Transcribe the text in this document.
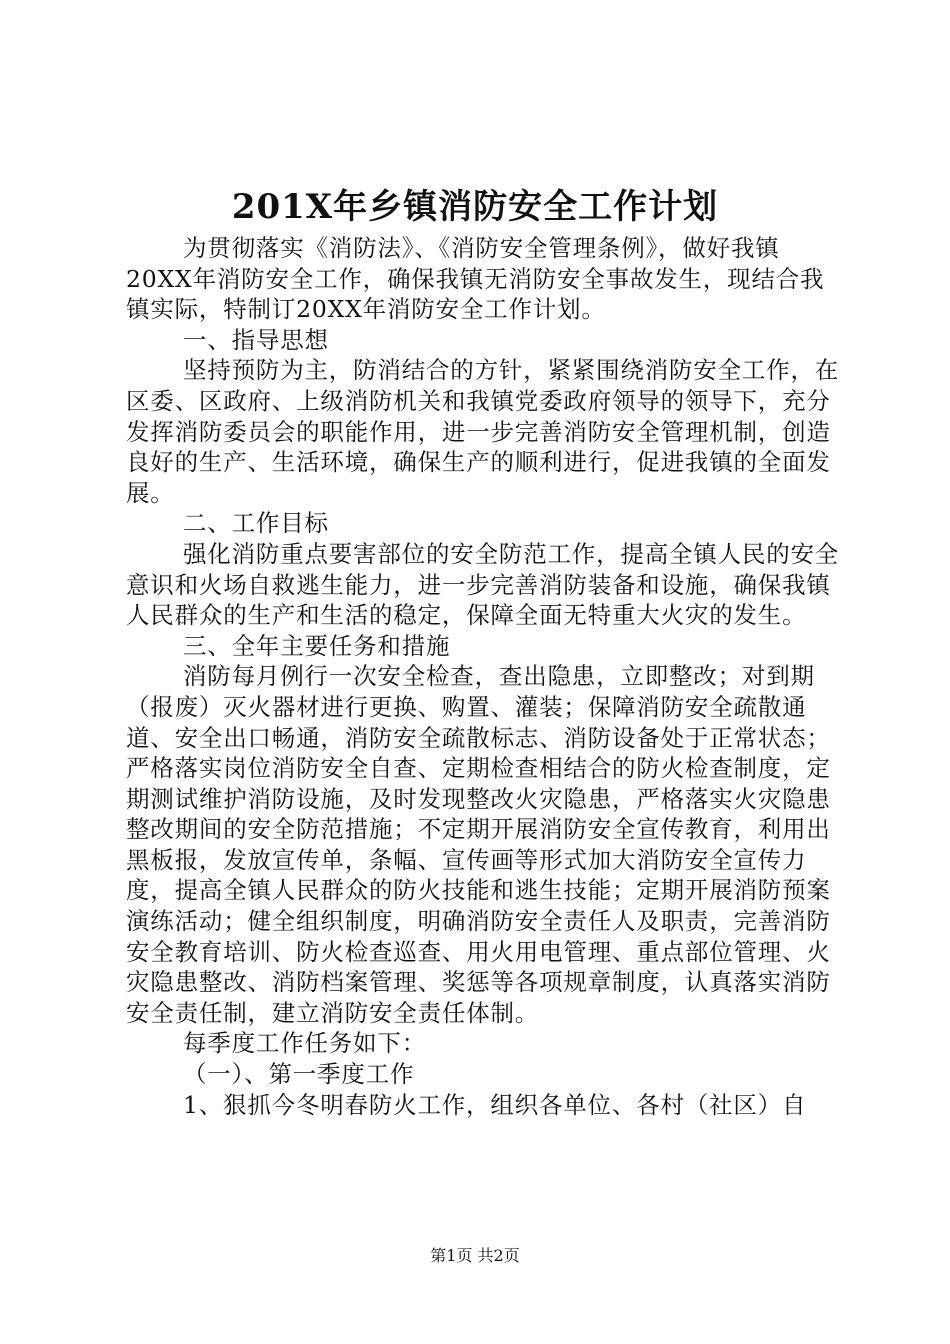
201X年乡镇消防安全工作计划

为贯彻落实《消防法》、《消防安全管理条例》，做好我镇20XX年消防安全工作，确保我镇无消防安全事故发生，现结合我镇实际，特制订20XX年消防安全工作计划。

一、指导思想

坚持预防为主，防消结合的方针，紧紧围绕消防安全工作，在区委、区政府、上级消防机关和我镇党委政府领导的领导下，充分发挥消防委员会的职能作用，进一步完善消防安全管理机制，创造良好的生产、生活环境，确保生产的顺利进行，促进我镇的全面发展。

二、工作目标

强化消防重点要害部位的安全防范工作，提高全镇人民的安全意识和火场自救逃生能力，进一步完善消防装备和设施，确保我镇人民群众的生产和生活的稳定，保障全面无特重大火灾的发生。

三、全年主要任务和措施

消防每月例行一次安全检查，查出隐患，立即整改；对到期（报废）灭火器材进行更换、购置、灌装；保障消防安全疏散通道、安全出口畅通，消防安全疏散标志、消防设备处于正常状态；严格落实岗位消防安全自查、定期检查相结合的防火检查制度，定期测试维护消防设施，及时发现整改火灾隐患，严格落实火灾隐患整改期间的安全防范措施；不定期开展消防安全宣传教育，利用出黑板报，发放宣传单，条幅、宣传画等形式加大消防安全宣传力度，提高全镇人民群众的防火技能和逃生技能；定期开展消防预案演练活动；健全组织制度，明确消防安全责任人及职责，完善消防安全教育培训、防火检查巡查、用火用电管理、重点部位管理、火灾隐患整改、消防档案管理、奖惩等各项规章制度，认真落实消防安全责任制，建立消防安全责任体制。

每季度工作任务如下：

（一）、第一季度工作

1、狠抓今冬明春防火工作，组织各单位、各村（社区）自

第1页 共2页
